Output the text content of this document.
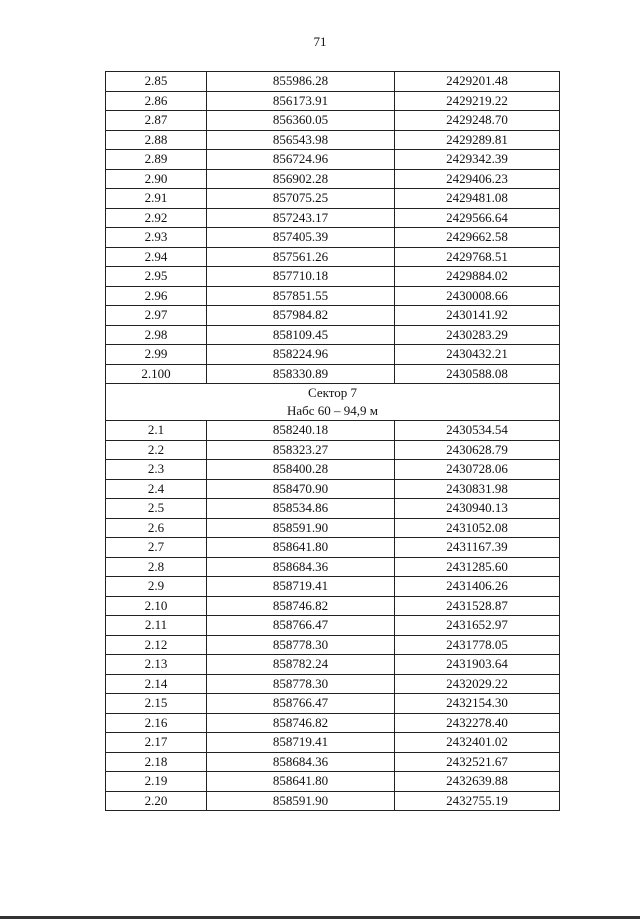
71
2.85	855986.28	2429201.48
2.86	856173.91	2429219.22
2.87	856360.05	2429248.70
2.88	856543.98	2429289.81
2.89	856724.96	2429342.39
2.90	856902.28	2429406.23
2.91	857075.25	2429481.08
2.92	857243.17	2429566.64
2.93	857405.39	2429662.58
2.94	857561.26	2429768.51
2.95	857710.18	2429884.02
2.96	857851.55	2430008.66
2.97	857984.82	2430141.92
2.98	858109.45	2430283.29
2.99	858224.96	2430432.21
2.100	858330.89	2430588.08

Сектор 7
Набс 60 – 94,9 м		

2.1	858240.18	2430534.54
2.2	858323.27	2430628.79
2.3	858400.28	2430728.06
2.4	858470.90	2430831.98
2.5	858534.86	2430940.13
2.6	858591.90	2431052.08
2.7	858641.80	2431167.39
2.8	858684.36	2431285.60
2.9	858719.41	2431406.26
2.10	858746.82	2431528.87
2.11	858766.47	2431652.97
2.12	858778.30	2431778.05
2.13	858782.24	2431903.64
2.14	858778.30	2432029.22
2.15	858766.47	2432154.30
2.16	858746.82	2432278.40
2.17	858719.41	2432401.02
2.18	858684.36	2432521.67
2.19	858641.80	2432639.88
2.20	858591.90	2432755.19
